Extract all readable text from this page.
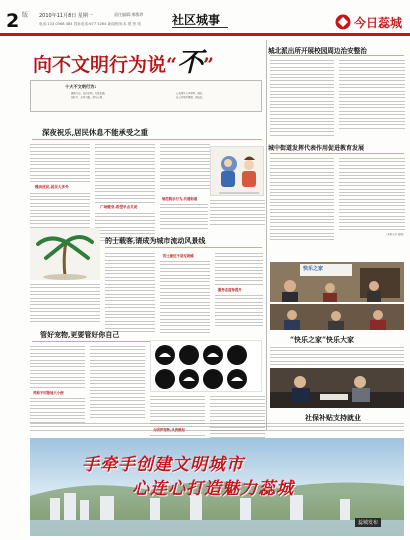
2 版 2010年11月8日 星期一	责任编辑:邢敏珍
电话:133 0568 484 投诉电话:677 3264 新闻热线:本 报 热 线	社区城事	今日蕊城
向不文明行为说“不”
十大不文明行为:
随地吐痰、乱扔杂物、乱贴乱画、
闯红灯、乱穿马路、损坏公物、
公共场所大声喧哗、插队、
在公共场所吸烟、说脏话。
深夜祝乐,居民休息不能承受之重
噪音扰民,居民大多外
广场健身,希望早点关闭
规范娱乐行为,共建和谐
的士载客,请成为城市流动风景线
的士座位不是垃圾桶
服务态度待提升
管好宠物,更要管好你自己
养狗不可随地大小便
城北派出所开展校园周边治安整治
城中街道发挥代表作用促进教育发展
（本报记者 蕊城）
快乐之家
“快乐之家”快乐大家
社保补贴支持就业
手牵手创建文明城市
心连心打造魅力蕊城
蕊城发布
